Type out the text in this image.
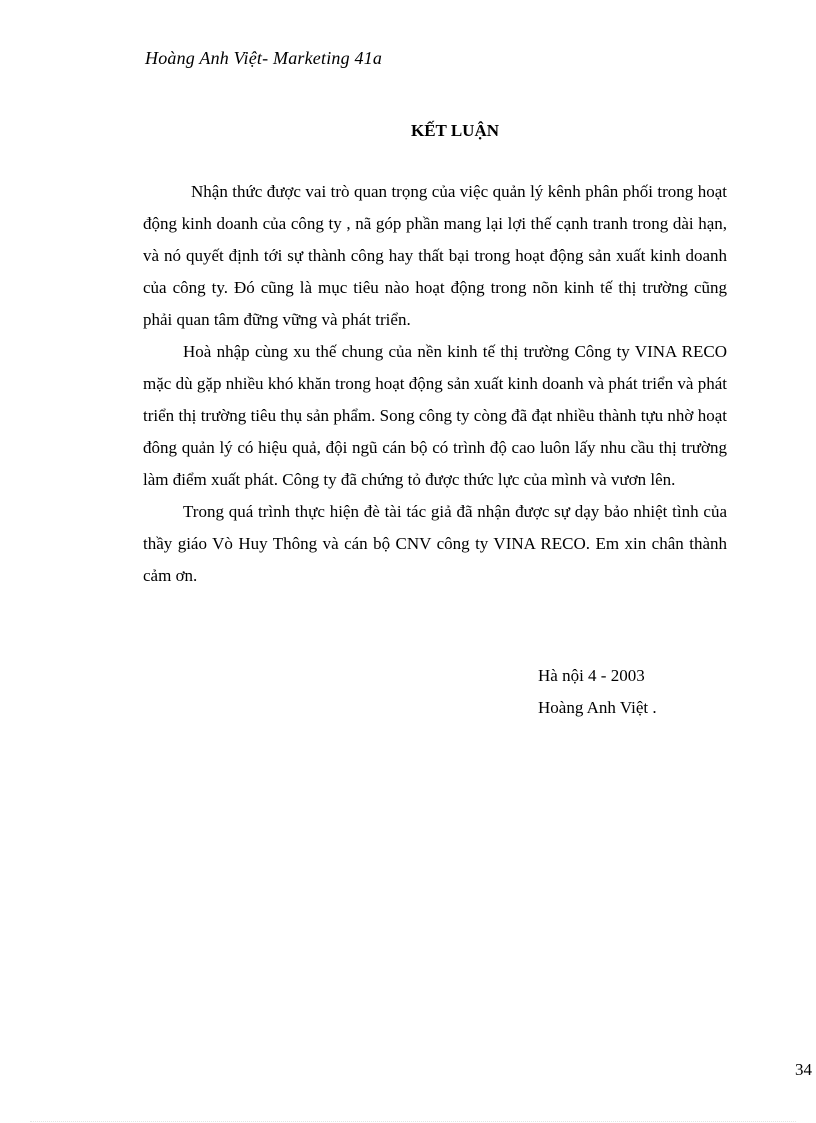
Hoàng Anh Việt- Marketing 41a
KẾT LUẬN

Nhận thức được vai trò quan trọng của việc quản lý kênh phân phối trong hoạt động kinh doanh của công ty , nã góp phần mang lại lợi thế cạnh tranh trong dài hạn, và nó quyết định tới sự thành công hay thất bại trong hoạt động sản xuất kinh doanh của công ty. Đó cũng là mục tiêu nào hoạt động trong nõn kinh tế thị trường cũng phải quan tâm đững vững và phát triển.

Hoà nhập cùng xu thế chung của nền kinh tế thị trường Công ty VINA RECO mặc dù gặp nhiều khó khăn trong hoạt động sản xuất kinh doanh và phát triển và phát triển thị trường tiêu thụ sản phẩm. Song công ty còng đã đạt nhiều thành tựu nhờ hoạt đông quản lý có hiệu quả, đội ngũ cán bộ có trình độ cao luôn lấy nhu cầu thị trường làm điểm xuất phát. Công ty đã chứng tỏ được thức lực của mình và vươn lên.

Trong quá trình thực hiện đè tài tác giả đã nhận được sự dạy bảo nhiệt tình của thầy giáo Vò Huy Thông và cán bộ CNV công ty VINA RECO. Em xin chân thành cảm ơn.

Hà nội 4 - 2003
Hoàng Anh Việt .
34
